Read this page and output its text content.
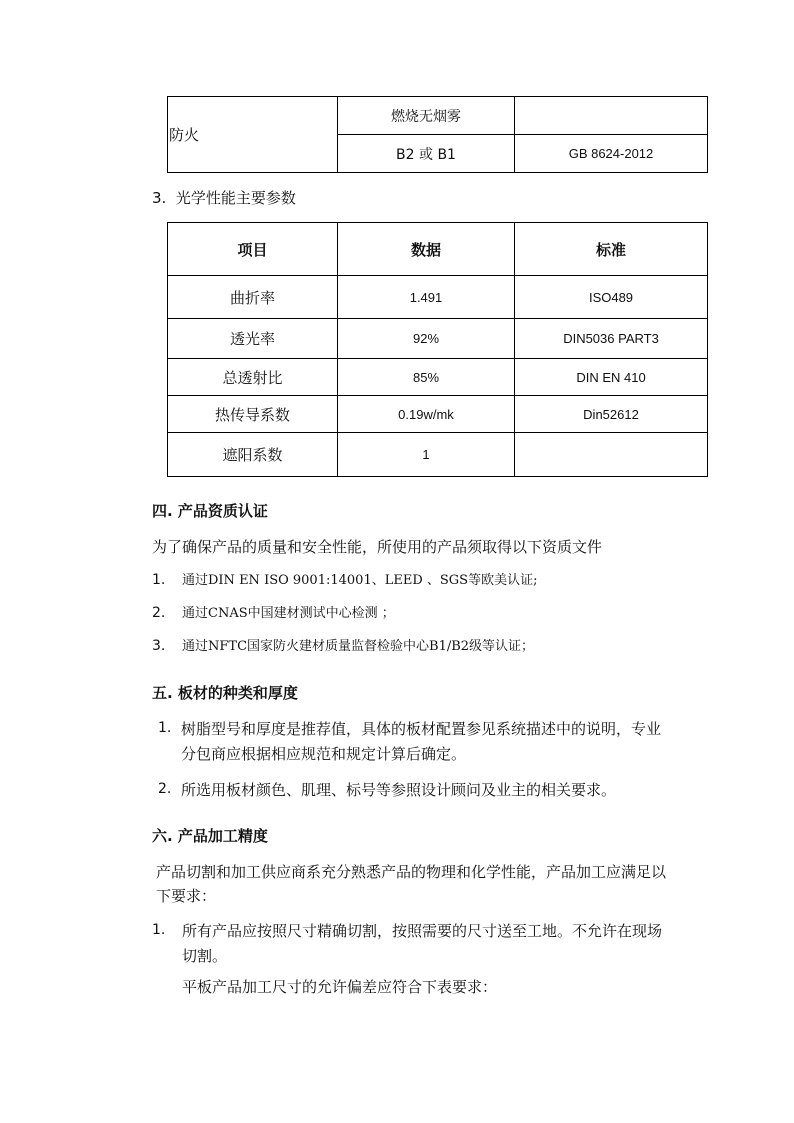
防火	燃烧无烟雾	
	B2 或 B1	GB 8624-2012
3. 光学性能主要参数
项目	数据	标准
曲折率	1.491	ISO489
透光率	92%	DIN5036 PART3
总透射比	85%	DIN EN 410
热传导系数	0.19w/mk	Din52612
遮阳系数	1	
四. 产品资质认证
为了确保产品的质量和安全性能，所使用的产品须取得以下资质文件
1. 通过DIN EN ISO 9001:14001、LEED 、SGS等欧美认证;
2. 通过CNAS中国建材测试中心检测 ；
3. 通过NFTC国家防火建材质量监督检验中心B1/B2级等认证；
五. 板材的种类和厚度
1. 树脂型号和厚度是推荐值，具体的板材配置参见系统描述中的说明，专业
分包商应根据相应规范和规定计算后确定。
2. 所选用板材颜色、肌理、标号等参照设计顾问及业主的相关要求。
六. 产品加工精度
产品切割和加工供应商系充分熟悉产品的物理和化学性能，产品加工应满足以
下要求：
1. 所有产品应按照尺寸精确切割，按照需要的尺寸送至工地。不允许在现场
切割。
平板产品加工尺寸的允许偏差应符合下表要求：
